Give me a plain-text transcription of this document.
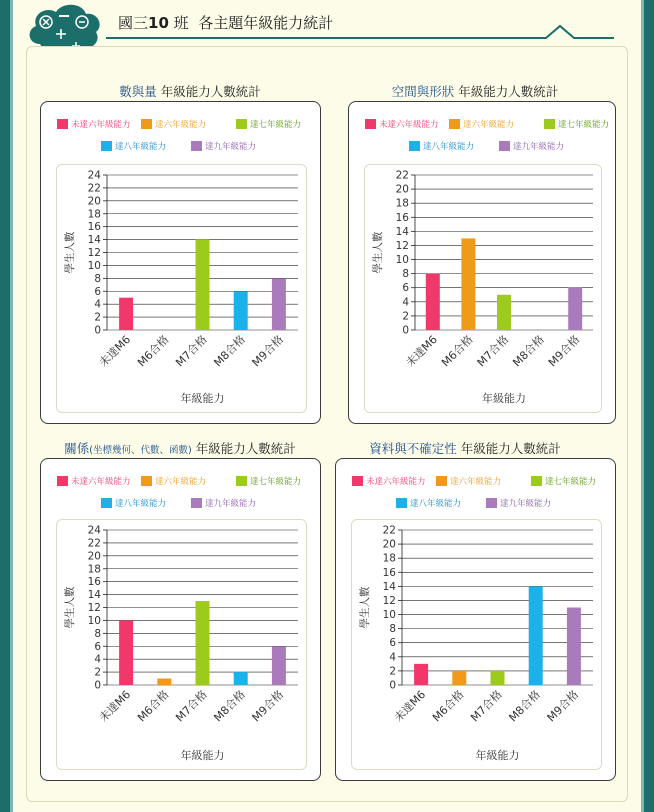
國三10 班  各主題年級能力統計
數與量 年級能力人數統計
未達六年級能力	達六年級能力	達七年級能力
達八年級能力	達九年級能力
0
2
4
6
8
10
12
14
16
18
20
22
24
學生人數
未達M6 M6合格 M7合格 M8合格 M9合格
年級能力
空間與形狀 年級能力人數統計
未達六年級能力	達六年級能力	達七年級能力
達八年級能力	達九年級能力
0
2
4
6
8
10
12
14
16
18
20
22
學生人數
未達M6 M6合格 M7合格 M8合格 M9合格
年級能力
關係(坐標幾何、代數、函數) 年級能力人數統計
未達六年級能力	達六年級能力	達七年級能力
達八年級能力	達九年級能力
0
2
4
6
8
10
12
14
16
18
20
22
24
學生人數
未達M6 M6合格 M7合格 M8合格 M9合格
年級能力
資料與不確定性 年級能力人數統計
未達六年級能力	達六年級能力	達七年級能力
達八年級能力	達九年級能力
0
2
4
6
8
10
12
14
16
18
20
22
學生人數
未達M6 M6合格 M7合格 M8合格 M9合格
年級能力
